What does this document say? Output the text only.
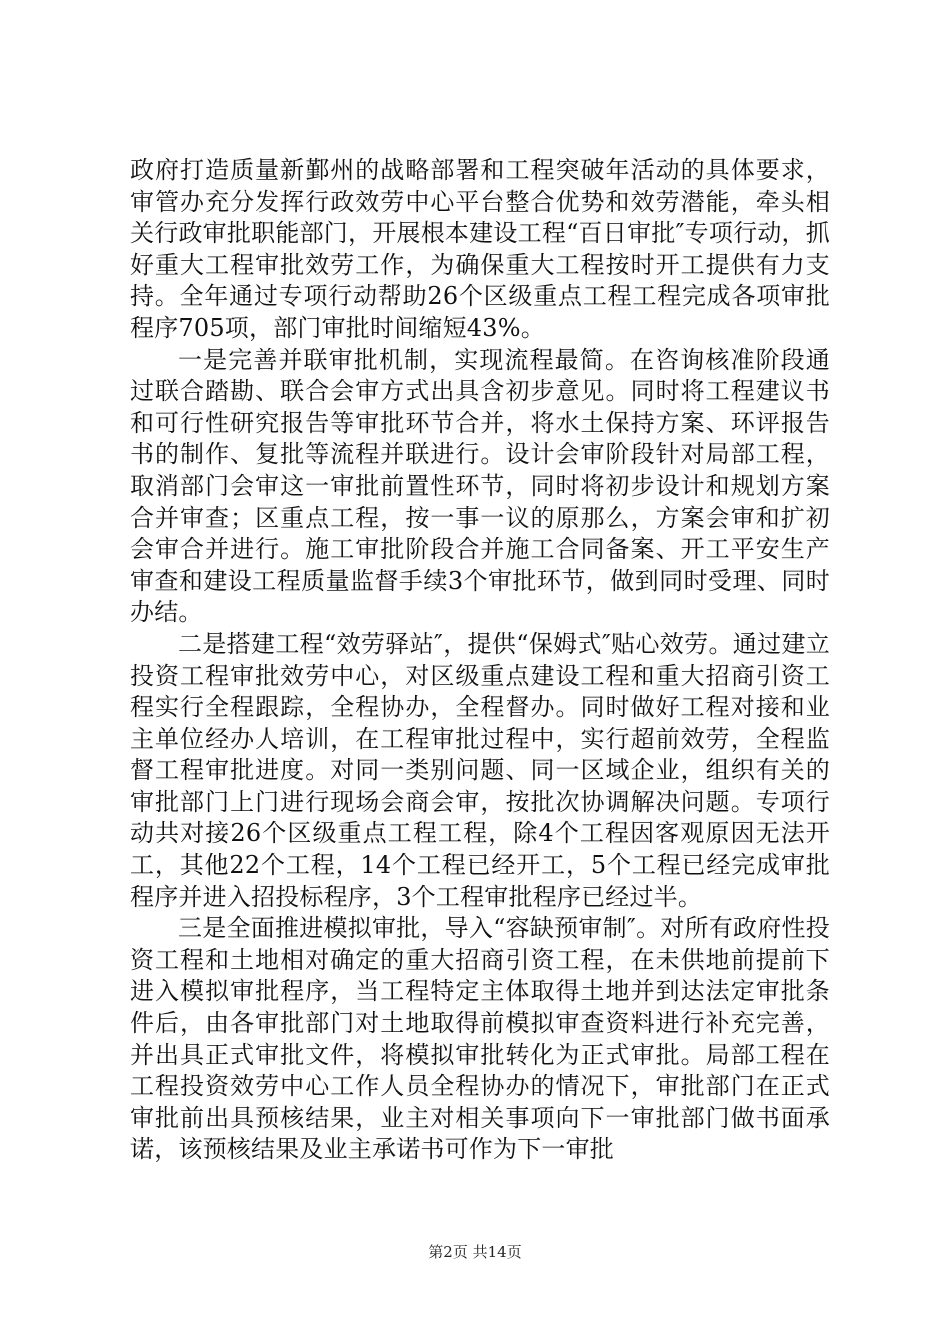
政府打造质量新鄞州的战略部署和工程突破年活动的具体要求，审管办充分发挥行政效劳中心平台整合优势和效劳潜能，牵头相关行政审批职能部门，开展根本建设工程“百日审批″专项行动，抓好重大工程审批效劳工作，为确保重大工程按时开工提供有力支持。全年通过专项行动帮助26个区级重点工程工程完成各项审批程序705项，部门审批时间缩短43%。

一是完善并联审批机制，实现流程最简。在咨询核准阶段通过联合踏勘、联合会审方式出具含初步意见。同时将工程建议书和可行性研究报告等审批环节合并，将水土保持方案、环评报告书的制作、复批等流程并联进行。设计会审阶段针对局部工程，取消部门会审这一审批前置性环节，同时将初步设计和规划方案合并审查；区重点工程，按一事一议的原那么，方案会审和扩初会审合并进行。施工审批阶段合并施工合同备案、开工平安生产审查和建设工程质量监督手续3个审批环节，做到同时受理、同时办结。

二是搭建工程“效劳驿站″，提供“保姆式″贴心效劳。通过建立投资工程审批效劳中心，对区级重点建设工程和重大招商引资工程实行全程跟踪，全程协办，全程督办。同时做好工程对接和业主单位经办人培训，在工程审批过程中，实行超前效劳，全程监督工程审批进度。对同一类别问题、同一区域企业，组织有关的审批部门上门进行现场会商会审，按批次协调解决问题。专项行动共对接26个区级重点工程工程，除4个工程因客观原因无法开工，其他22个工程，14个工程已经开工，5个工程已经完成审批程序并进入招投标程序，3个工程审批程序已经过半。

三是全面推进模拟审批，导入“容缺预审制″。对所有政府性投资工程和土地相对确定的重大招商引资工程，在未供地前提前下进入模拟审批程序，当工程特定主体取得土地并到达法定审批条件后，由各审批部门对土地取得前模拟审查资料进行补充完善，并出具正式审批文件，将模拟审批转化为正式审批。局部工程在工程投资效劳中心工作人员全程协办的情况下，审批部门在正式审批前出具预核结果，业主对相关事项向下一审批部门做书面承诺，该预核结果及业主承诺书可作为下一审批

第2页 共14页
